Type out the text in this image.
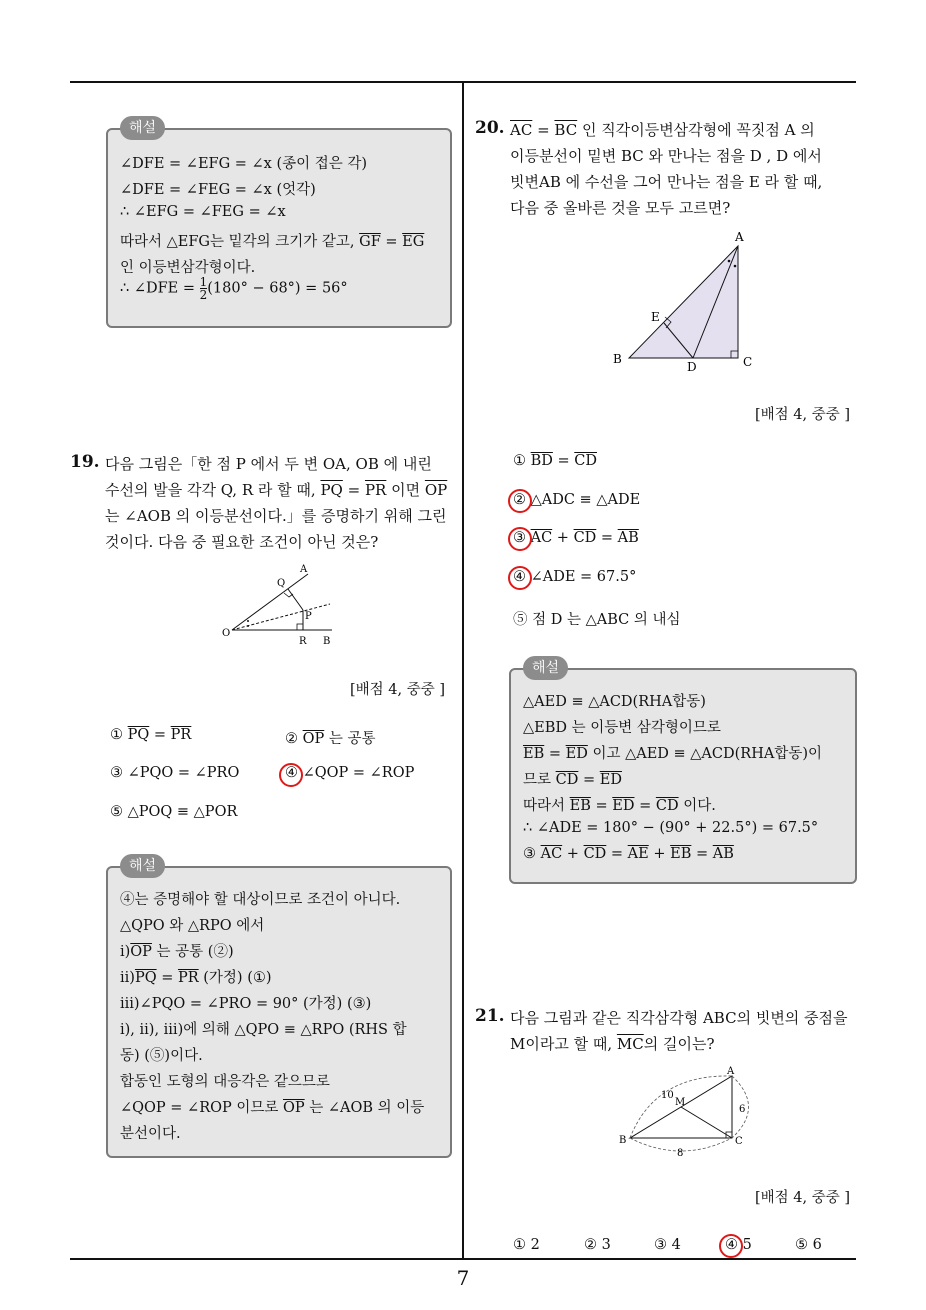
7
해설
∠DFE = ∠EFG = ∠x (종이 접은 각)
∠DFE = ∠FEG = ∠x (엇각)
∴ ∠EFG = ∠FEG = ∠x
따라서 △EFG는 밑각의 크기가 같고, $\overline{GF} = \overline{EG}$
인 이등변삼각형이다.
∴ ∠DFE = $\frac{1}{2} (180^\circ - 68^\circ) = 56^\circ$
19. 다음 그림은「한 점 P 에서 두 변 OA, OB 에 내린
수선의 발을 각각 Q, R 라 할 때, $\overline{PQ} = \overline{PR}$ 이면 $\overline{OP}$
는 ∠AOB 의 이등분선이다.」를 증명하기 위해 그린
것이다. 다음 중 필요한 조건이 아닌 것은?
A
Q
P
O
R B
[배점 4, 중중 ]
① $\overline{PQ} = \overline{PR}$	② $\overline{OP}$ 는 공통
③ ∠PQO = ∠PRO	④ ∠QOP = ∠ROP
⑤ △POQ ≡ △POR
해설
④는 증명해야 할 대상이므로 조건이 아니다.
△QPO 와 △RPO 에서
$ⅰ)\overline{OP}$ 는 공통 (②)
$ⅱ)\overline{PQ} = \overline{PR}$ (가정) (①)
ⅲ)∠PQO = ∠PRO = 90° (가정) (③)
ⅰ), ⅱ), ⅲ)에 의해 △QPO ≡ △RPO (RHS 합
동) (⑤)이다.
합동인 도형의 대응각은 같으므로
∠QOP = ∠ROP 이므로 $\overline{OP}$ 는 ∠AOB 의 이등
분선이다.
20. $\overline{AC} = \overline{BC}$ 인 직각이등변삼각형에 꼭짓점 A 의
이등분선이 밑변 BC 와 만나는 점을 D , D 에서
빗변AB 에 수선을 그어 만나는 점을 E 라 할 때,
다음 중 올바른 것을 모두 고르면?
A
B	C
D
E
[배점 4, 중중 ]
① $\overline{BD} = \overline{CD}$
② △ADC ≡ △ADE
③ $\overline{AC} + \overline{CD} = \overline{AB}$
④ ∠ADE = 67.5°
⑤ 점 D 는 △ABC 의 내심
해설
△AED ≡ △ACD(RHA합동)
△EBD 는 이등변 삼각형이므로
$\overline{EB} = \overline{ED}$ 이고 △AED ≡ △ACD(RHA합동)이
므로 $\overline{CD} = \overline{ED}$
따라서 $\overline{EB} = \overline{ED} = \overline{CD}$ 이다.
∴ ∠ADE = 180° − (90° + 22.5°) = 67.5°
③ $\overline{AC} + \overline{CD} = \overline{AE} + \overline{EB} = \overline{AB}$
21. 다음 그림과 같은 직각삼각형 ABC의 빗변의 중점을
M이라고 할 때, $\overline{MC}$의 길이는?
A
B	C
M
10
6
8
[배점 4, 중중 ]
① 2	② 3	③ 4	④ 5	⑤ 6
